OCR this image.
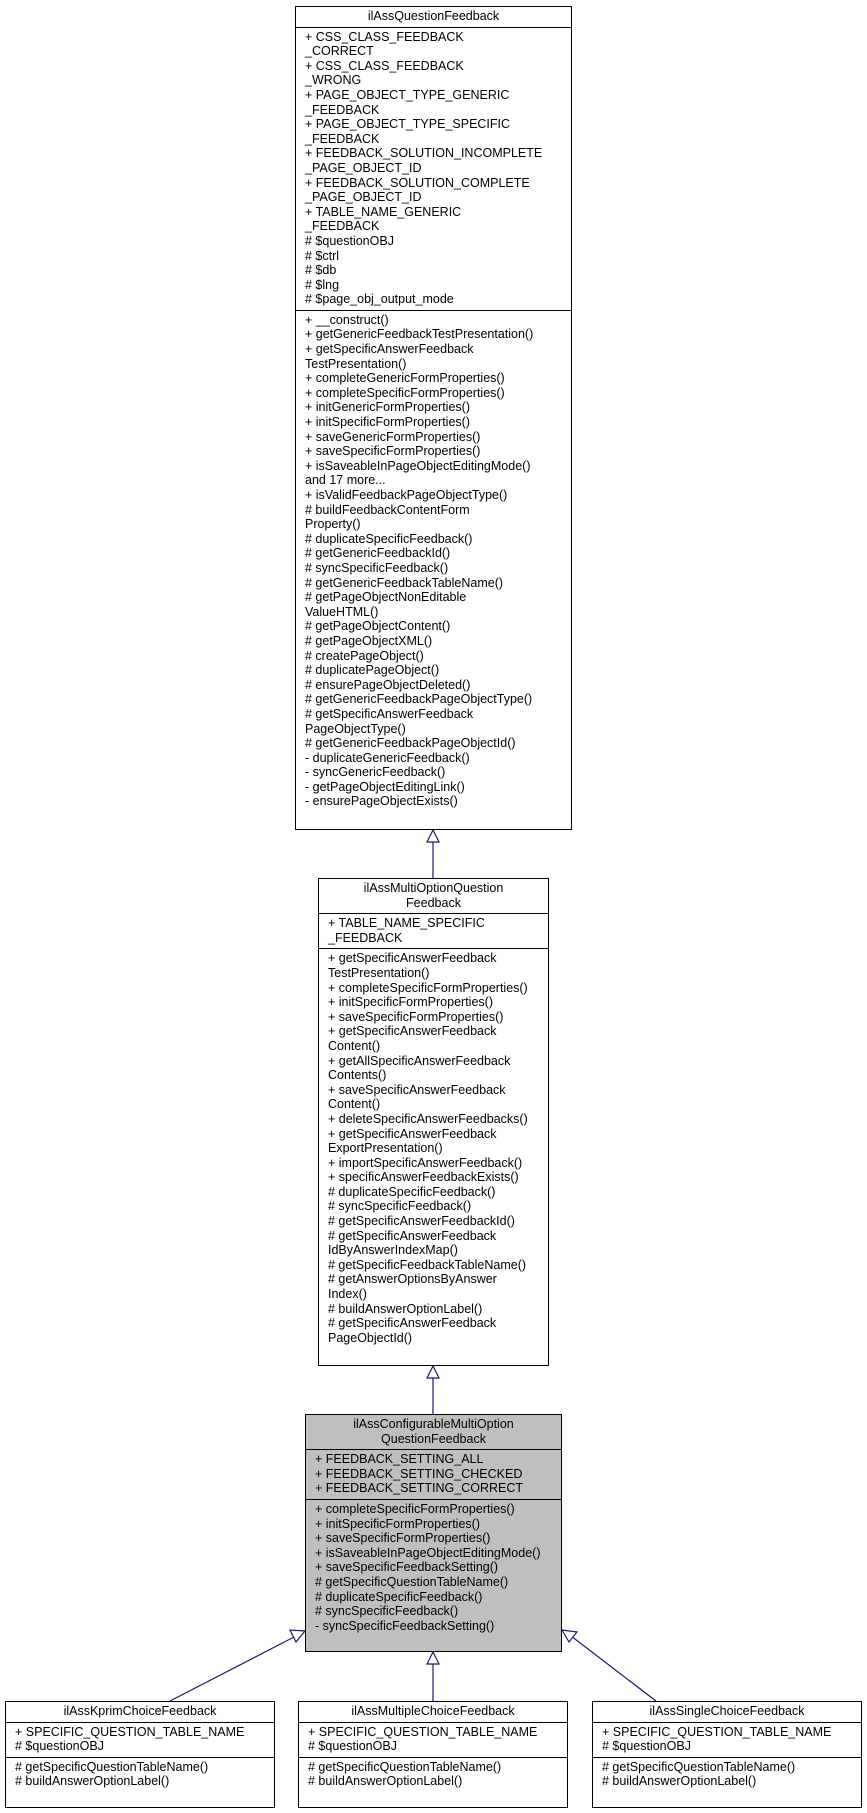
ilAssQuestionFeedback
+ CSS_CLASS_FEEDBACK
_CORRECT
+ CSS_CLASS_FEEDBACK
_WRONG
+ PAGE_OBJECT_TYPE_GENERIC
_FEEDBACK
+ PAGE_OBJECT_TYPE_SPECIFIC
_FEEDBACK
+ FEEDBACK_SOLUTION_INCOMPLETE
_PAGE_OBJECT_ID
+ FEEDBACK_SOLUTION_COMPLETE
_PAGE_OBJECT_ID
+ TABLE_NAME_GENERIC
_FEEDBACK
# $questionOBJ
# $ctrl
# $db
# $lng
# $page_obj_output_mode
+ __construct()
+ getGenericFeedbackTestPresentation()
+ getSpecificAnswerFeedback
TestPresentation()
+ completeGenericFormProperties()
+ completeSpecificFormProperties()
+ initGenericFormProperties()
+ initSpecificFormProperties()
+ saveGenericFormProperties()
+ saveSpecificFormProperties()
+ isSaveableInPageObjectEditingMode()
and 17 more...
+ isValidFeedbackPageObjectType()
# buildFeedbackContentForm
Property()
# duplicateSpecificFeedback()
# getGenericFeedbackId()
# syncSpecificFeedback()
# getGenericFeedbackTableName()
# getPageObjectNonEditable
ValueHTML()
# getPageObjectContent()
# getPageObjectXML()
# createPageObject()
# duplicatePageObject()
# ensurePageObjectDeleted()
# getGenericFeedbackPageObjectType()
# getSpecificAnswerFeedback
PageObjectType()
# getGenericFeedbackPageObjectId()
- duplicateGenericFeedback()
- syncGenericFeedback()
- getPageObjectEditingLink()
- ensurePageObjectExists()
ilAssMultiOptionQuestion
Feedback
+ TABLE_NAME_SPECIFIC
_FEEDBACK
+ getSpecificAnswerFeedback
TestPresentation()
+ completeSpecificFormProperties()
+ initSpecificFormProperties()
+ saveSpecificFormProperties()
+ getSpecificAnswerFeedback
Content()
+ getAllSpecificAnswerFeedback
Contents()
+ saveSpecificAnswerFeedback
Content()
+ deleteSpecificAnswerFeedbacks()
+ getSpecificAnswerFeedback
ExportPresentation()
+ importSpecificAnswerFeedback()
+ specificAnswerFeedbackExists()
# duplicateSpecificFeedback()
# syncSpecificFeedback()
# getSpecificAnswerFeedbackId()
# getSpecificAnswerFeedback
IdByAnswerIndexMap()
# getSpecificFeedbackTableName()
# getAnswerOptionsByAnswer
Index()
# buildAnswerOptionLabel()
# getSpecificAnswerFeedback
PageObjectId()
ilAssConfigurableMultiOption
QuestionFeedback
+ FEEDBACK_SETTING_ALL
+ FEEDBACK_SETTING_CHECKED
+ FEEDBACK_SETTING_CORRECT
+ completeSpecificFormProperties()
+ initSpecificFormProperties()
+ saveSpecificFormProperties()
+ isSaveableInPageObjectEditingMode()
+ saveSpecificFeedbackSetting()
# getSpecificQuestionTableName()
# duplicateSpecificFeedback()
# syncSpecificFeedback()
- syncSpecificFeedbackSetting()
ilAssKprimChoiceFeedback
+ SPECIFIC_QUESTION_TABLE_NAME
# $questionOBJ
# getSpecificQuestionTableName()
# buildAnswerOptionLabel()
ilAssMultipleChoiceFeedback
+ SPECIFIC_QUESTION_TABLE_NAME
# $questionOBJ
# getSpecificQuestionTableName()
# buildAnswerOptionLabel()
ilAssSingleChoiceFeedback
+ SPECIFIC_QUESTION_TABLE_NAME
# $questionOBJ
# getSpecificQuestionTableName()
# buildAnswerOptionLabel()
